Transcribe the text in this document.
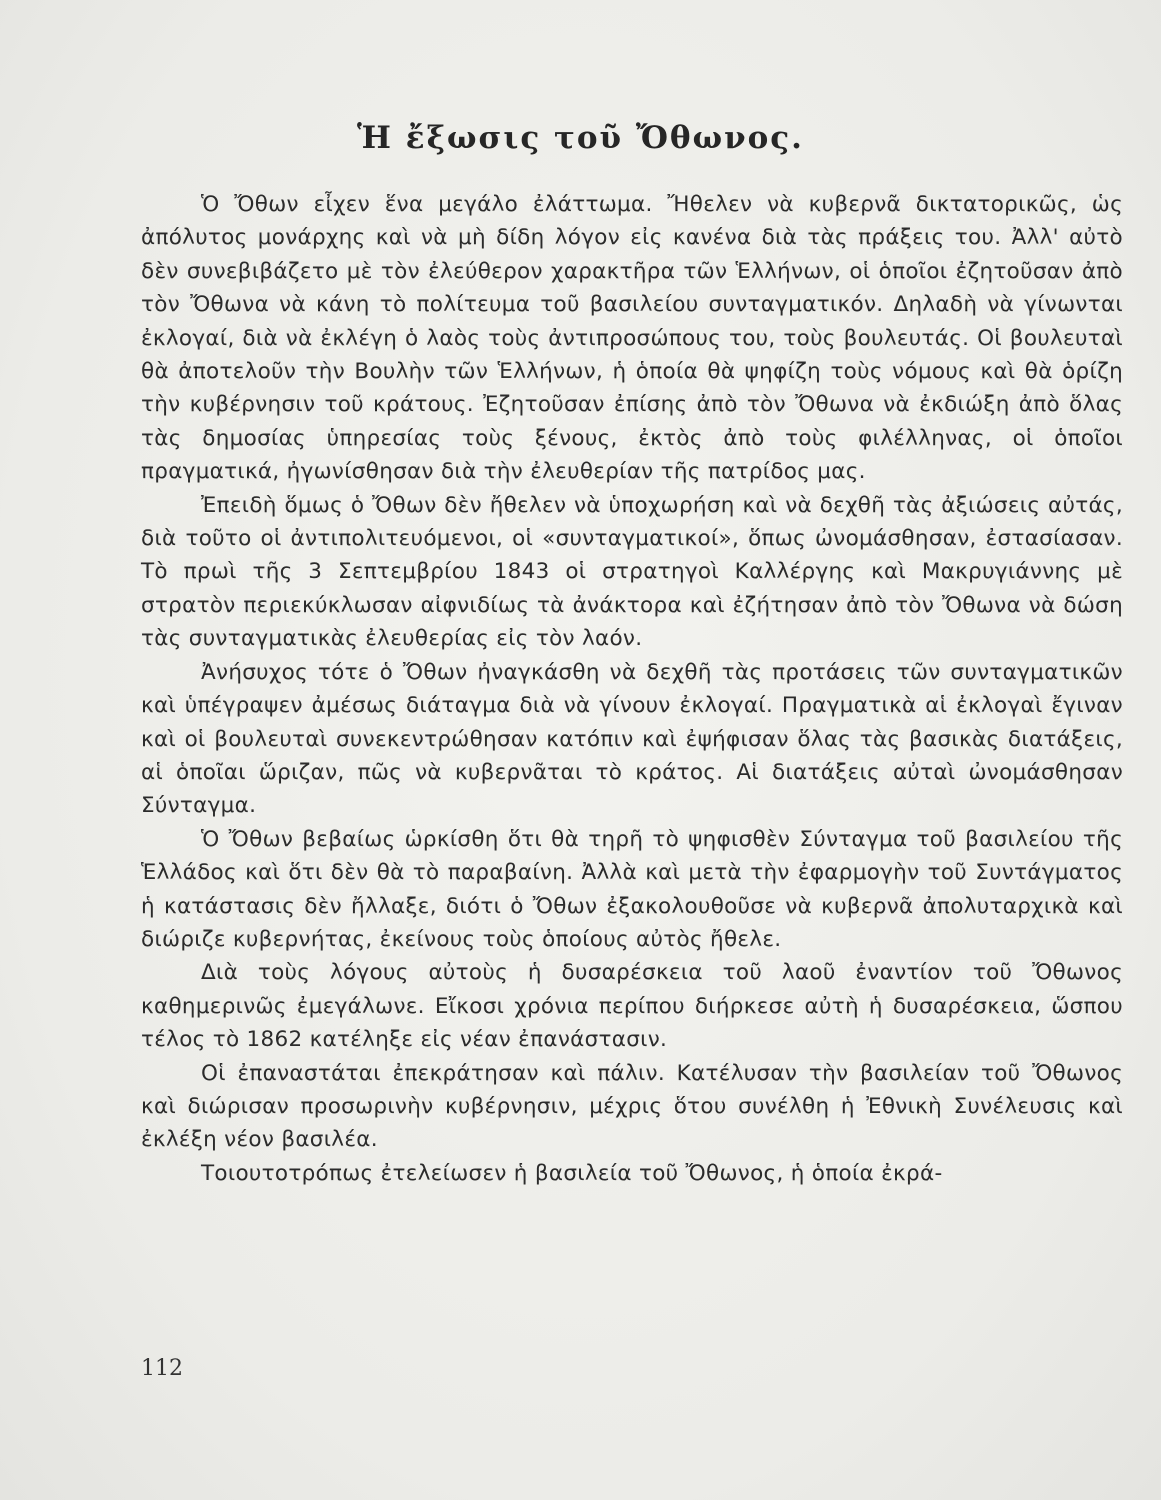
Ἡ ἔξωσις τοῦ Ὄθωνος.

Ὁ Ὄθων εἶχεν ἕνα μεγάλο ἐλάττωμα. Ἤθελεν νὰ κυβερνᾶ δικτατορικῶς, ὡς ἀπόλυτος μονάρχης καὶ νὰ μὴ δίδη λόγον εἰς κανένα διὰ τὰς πράξεις του. Ἀλλ' αὐτὸ δὲν συνεβιβάζετο μὲ τὸν ἐλεύθερον χαρακτῆρα τῶν Ἑλλήνων, οἱ ὁποῖοι ἐζητοῦσαν ἀπὸ τὸν Ὄθωνα νὰ κάνη τὸ πολίτευμα τοῦ βασιλείου συνταγματικόν. Δηλαδὴ νὰ γίνωνται ἐκλογαί, διὰ νὰ ἐκλέγη ὁ λαὸς τοὺς ἀντιπροσώπους του, τοὺς βουλευτάς. Οἱ βουλευταὶ θὰ ἀποτελοῦν τὴν Βουλὴν τῶν Ἑλλήνων, ἡ ὁποία θὰ ψηφίζη τοὺς νόμους καὶ θὰ ὁρίζη τὴν κυβέρνησιν τοῦ κράτους. Ἐζητοῦσαν ἐπίσης ἀπὸ τὸν Ὄθωνα νὰ ἐκδιώξη ἀπὸ ὅλας τὰς δημοσίας ὑπηρεσίας τοὺς ξένους, ἐκτὸς ἀπὸ τοὺς φιλέλληνας, οἱ ὁποῖοι πραγματικά, ἠγωνίσθησαν διὰ τὴν ἐλευθερίαν τῆς πατρίδος μας.

Ἐπειδὴ ὅμως ὁ Ὄθων δὲν ἤθελεν νὰ ὑποχωρήση καὶ νὰ δεχθῆ τὰς ἀξιώσεις αὐτάς, διὰ τοῦτο οἱ ἀντιπολιτευόμενοι, οἱ «συνταγματικοί», ὅπως ὠνομάσθησαν, ἐστασίασαν. Τὸ πρωὶ τῆς 3 Σεπτεμβρίου 1843 οἱ στρατηγοὶ Καλλέργης καὶ Μακρυγιάννης μὲ στρατὸν περιεκύκλωσαν αἰφνιδίως τὰ ἀνάκτορα καὶ ἐζήτησαν ἀπὸ τὸν Ὄθωνα νὰ δώση τὰς συνταγματικὰς ἐλευθερίας εἰς τὸν λαόν.

Ἀνήσυχος τότε ὁ Ὄθων ἠναγκάσθη νὰ δεχθῆ τὰς προτάσεις τῶν συνταγματικῶν καὶ ὑπέγραψεν ἀμέσως διάταγμα διὰ νὰ γίνουν ἐκλογαί. Πραγματικὰ αἱ ἐκλογαὶ ἔγιναν καὶ οἱ βουλευταὶ συνεκεντρώθησαν κατόπιν καὶ ἐψήφισαν ὅλας τὰς βασικὰς διατάξεις, αἱ ὁποῖαι ὥριζαν, πῶς νὰ κυβερνᾶται τὸ κράτος. Αἱ διατάξεις αὐταὶ ὠνομάσθησαν Σύνταγμα.

Ὁ Ὄθων βεβαίως ὡρκίσθη ὅτι θὰ τηρῆ τὸ ψηφισθὲν Σύνταγμα τοῦ βασιλείου τῆς Ἑλλάδος καὶ ὅτι δὲν θὰ τὸ παραβαίνη. Ἀλλὰ καὶ μετὰ τὴν ἐφαρμογὴν τοῦ Συντάγματος ἡ κατάστασις δὲν ἤλλαξε, διότι ὁ Ὄθων ἐξακολουθοῦσε νὰ κυβερνᾶ ἀπολυταρχικὰ καὶ διώριζε κυβερνήτας, ἐκείνους τοὺς ὁποίους αὐτὸς ἤθελε.

Διὰ τοὺς λόγους αὐτοὺς ἡ δυσαρέσκεια τοῦ λαοῦ ἐναντίον τοῦ Ὄθωνος καθημερινῶς ἐμεγάλωνε. Εἴκοσι χρόνια περίπου διήρκεσε αὐτὴ ἡ δυσαρέσκεια, ὥσπου τέλος τὸ 1862 κατέληξε εἰς νέαν ἐπανάστασιν.

Οἱ ἐπαναστάται ἐπεκράτησαν καὶ πάλιν. Κατέλυσαν τὴν βασιλείαν τοῦ Ὄθωνος καὶ διώρισαν προσωρινὴν κυβέρνησιν, μέχρις ὅτου συνέλθη ἡ Ἐθνικὴ Συνέλευσις καὶ ἐκλέξη νέον βασιλέα.

Τοιουτοτρόπως ἐτελείωσεν ἡ βασιλεία τοῦ Ὄθωνος, ἡ ὁποία ἐκρά-

112
